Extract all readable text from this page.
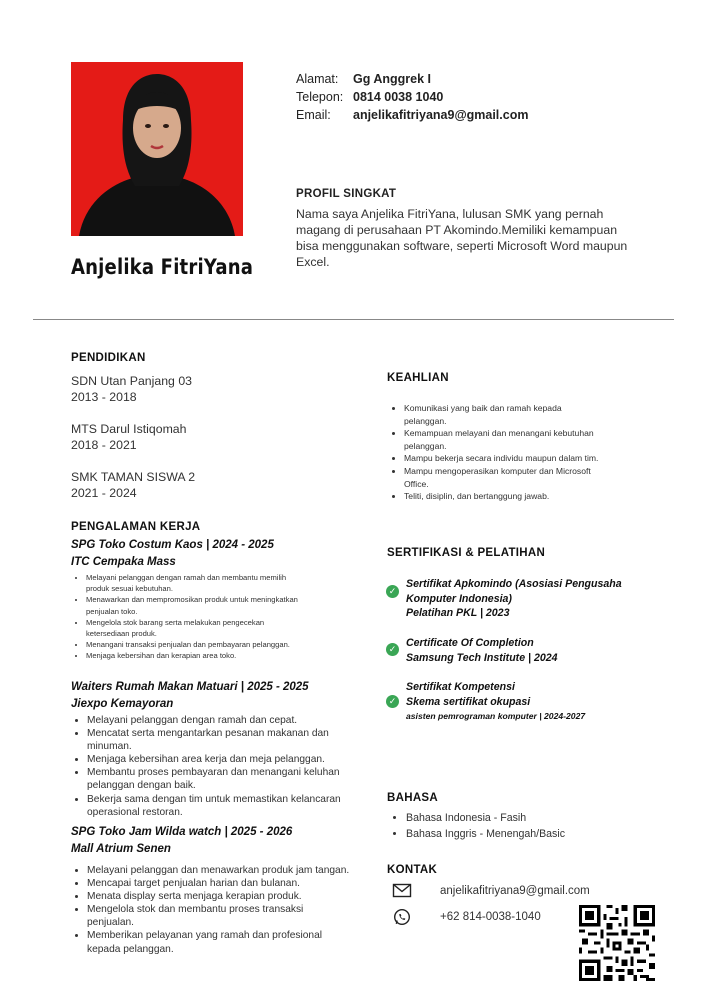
Anjelika FitriYana
Alamat:	Gg Anggrek I
Telepon: 0814 0038 1040
Email:	anjelikafitriyana9@gmail.com
PROFIL SINGKAT
Nama saya Anjelika FitriYana, lulusan SMK yang pernah magang di perusahaan PT Akomindo.Memiliki kemampuan bisa menggunakan software, seperti Microsoft Word maupun Excel.
PENDIDIKAN
SDN Utan Panjang 03
2013 - 2018
MTS Darul Istiqomah
2018 - 2021
SMK TAMAN SISWA 2
2021 - 2024
PENGALAMAN KERJA
SPG Toko Costum Kaos | 2024 - 2025
ITC Cempaka Mass
• Melayani pelanggan dengan ramah dan membantu memilih produk sesuai kebutuhan.
• Menawarkan dan mempromosikan produk untuk meningkatkan penjualan toko.
• Mengelola stok barang serta melakukan pengecekan ketersediaan produk.
• Menangani transaksi penjualan dan pembayaran pelanggan.
• Menjaga kebersihan dan kerapian area toko.
Waiters Rumah Makan Matuari | 2025 - 2025
Jiexpo Kemayoran
• Melayani pelanggan dengan ramah dan cepat.
• Mencatat serta mengantarkan pesanan makanan dan minuman.
• Menjaga kebersihan area kerja dan meja pelanggan.
• Membantu proses pembayaran dan menangani keluhan pelanggan dengan baik.
• Bekerja sama dengan tim untuk memastikan kelancaran operasional restoran.
SPG Toko Jam Wilda watch | 2025 - 2026
Mall Atrium Senen
• Melayani pelanggan dan menawarkan produk jam tangan.
• Mencapai target penjualan harian dan bulanan.
• Menata display serta menjaga kerapian produk.
• Mengelola stok dan membantu proses transaksi penjualan.
• Memberikan pelayanan yang ramah dan profesional kepada pelanggan.
KEAHLIAN
• Komunikasi yang baik dan ramah kepada pelanggan.
• Kemampuan melayani dan menangani kebutuhan pelanggan.
• Mampu bekerja secara individu maupun dalam tim.
• Mampu mengoperasikan komputer dan Microsoft Office.
• Teliti, disiplin, dan bertanggung jawab.
SERTIFIKASI & PELATIHAN
✓
Sertifikat Apkomindo (Asosiasi Pengusaha
Komputer Indonesia)
Pelatihan PKL | 2023
✓ Certificate Of Completion
Samsung Tech Institute | 2024
✓
Sertifikat Kompetensi
Skema sertifikat okupasi
asisten pemrograman komputer | 2024-2027
BAHASA
• Bahasa Indonesia - Fasih
• Bahasa Inggris - Menengah/Basic
KONTAK
anjelikafitriyana9@gmail.com
+62 814-0038-1040
